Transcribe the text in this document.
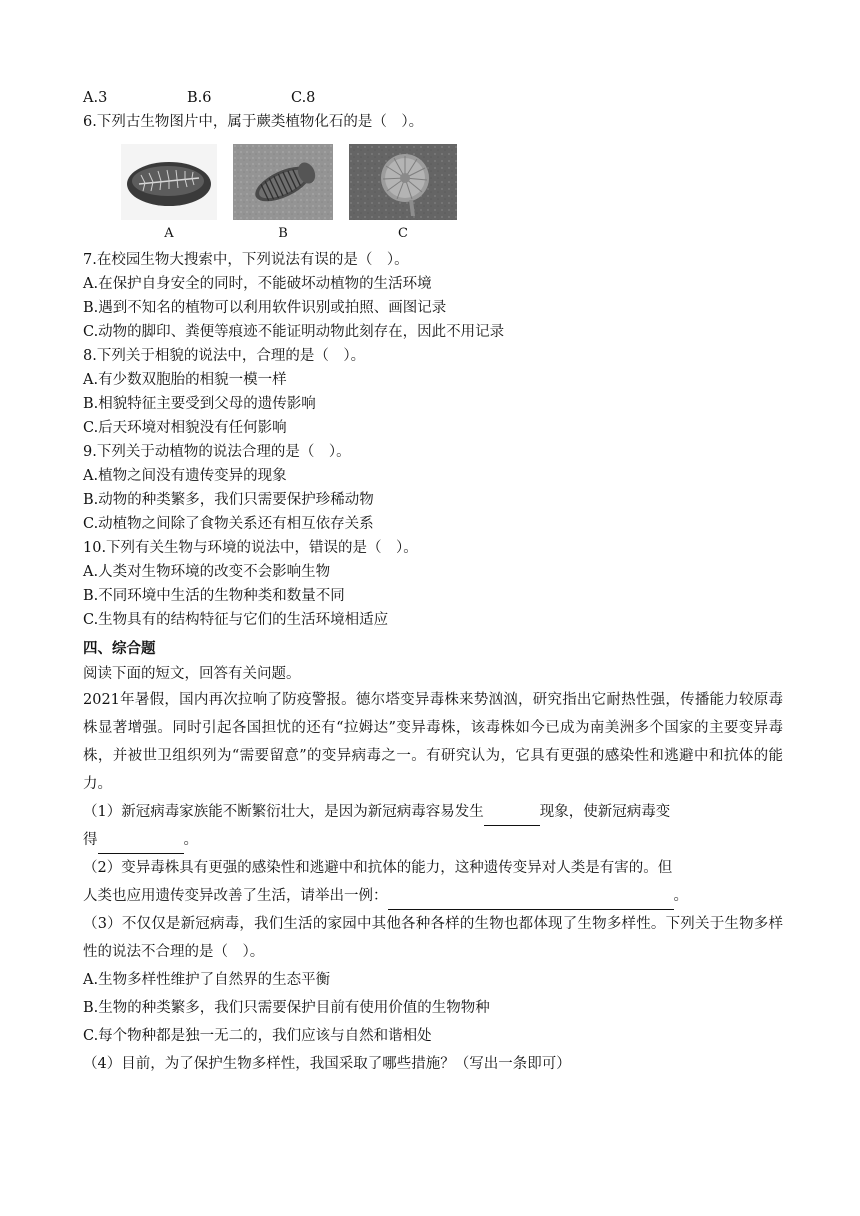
A.3	B.6	C.8
6.下列古生物图片中，属于蕨类植物化石的是（　）。
A	B	C
7.在校园生物大搜索中，下列说法有误的是（　）。
A.在保护自身安全的同时，不能破坏动植物的生活环境
B.遇到不知名的植物可以利用软件识别或拍照、画图记录
C.动物的脚印、粪便等痕迹不能证明动物此刻存在，因此不用记录
8.下列关于相貌的说法中，合理的是（　）。
A.有少数双胞胎的相貌一模一样
B.相貌特征主要受到父母的遗传影响
C.后天环境对相貌没有任何影响
9.下列关于动植物的说法合理的是（　）。
A.植物之间没有遗传变异的现象
B.动物的种类繁多，我们只需要保护珍稀动物
C.动植物之间除了食物关系还有相互依存关系
10.下列有关生物与环境的说法中，错误的是（　）。
A.人类对生物环境的改变不会影响生物
B.不同环境中生活的生物种类和数量不同
C.生物具有的结构特征与它们的生活环境相适应
四、综合题
阅读下面的短文，回答有关问题。
2021年暑假，国内再次拉响了防疫警报。德尔塔变异毒株来势汹汹，研究指出它耐热性强，传播能力较原毒株显著增强。同时引起各国担忧的还有“拉姆达”变异毒株，该毒株如今已成为南美洲多个国家的主要变异毒株，并被世卫组织列为“需要留意”的变异病毒之一。有研究认为，它具有更强的感染性和逃避中和抗体的能力。
（1）新冠病毒家族能不断繁衍壮大，是因为新冠病毒容易发生	现象，使新冠病毒变
得	。
（2）变异毒株具有更强的感染性和逃避中和抗体的能力，这种遗传变异对人类是有害的。但
人类也应用遗传变异改善了生活，请举出一例：	。
（3）不仅仅是新冠病毒，我们生活的家园中其他各种各样的生物也都体现了生物多样性。下列关于生物多样性的说法不合理的是（　）。
A.生物多样性维护了自然界的生态平衡
B.生物的种类繁多，我们只需要保护目前有使用价值的生物物种
C.每个物种都是独一无二的，我们应该与自然和谐相处
（4）目前，为了保护生物多样性，我国采取了哪些措施？（写出一条即可）
